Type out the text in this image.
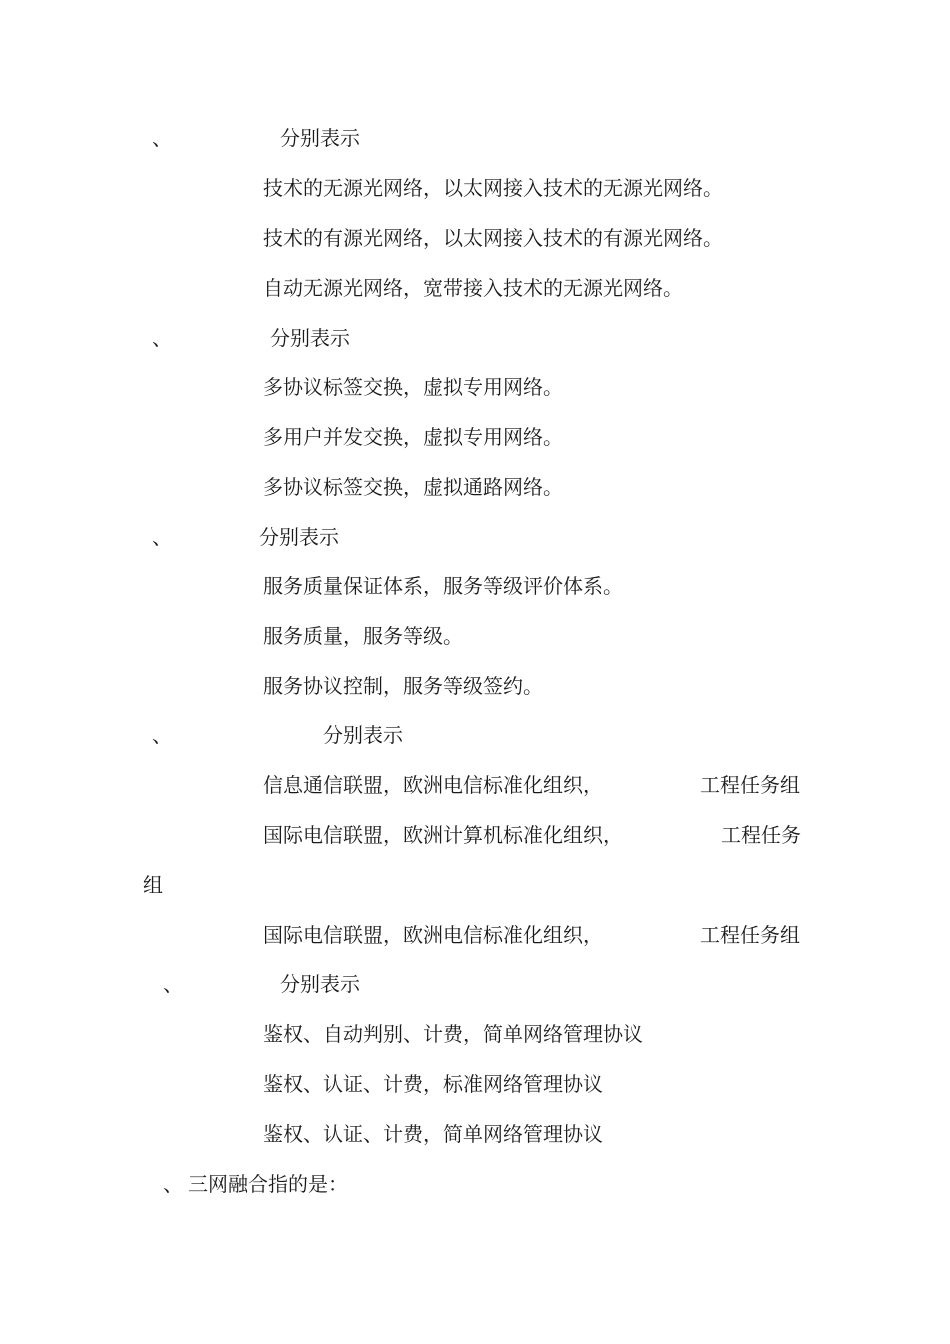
、	分别表示
技术的无源光网络，以太网接入技术的无源光网络。
技术的有源光网络，以太网接入技术的有源光网络。
自动无源光网络，宽带接入技术的无源光网络。
、	分别表示
多协议标签交换，虚拟专用网络。
多用户并发交换，虚拟专用网络。
多协议标签交换，虚拟通路网络。
、	分别表示
服务质量保证体系，服务等级评价体系。
服务质量，服务等级。
服务协议控制，服务等级签约。
、	分别表示
信息通信联盟，欧洲电信标准化组织，	工程任务组
国际电信联盟，欧洲计算机标准化组织，	工程任务
组
国际电信联盟，欧洲电信标准化组织，	工程任务组
、	分别表示
鉴权、自动判别、计费，简单网络管理协议
鉴权、认证、计费，标准网络管理协议
鉴权、认证、计费，简单网络管理协议
、 三网融合指的是：
